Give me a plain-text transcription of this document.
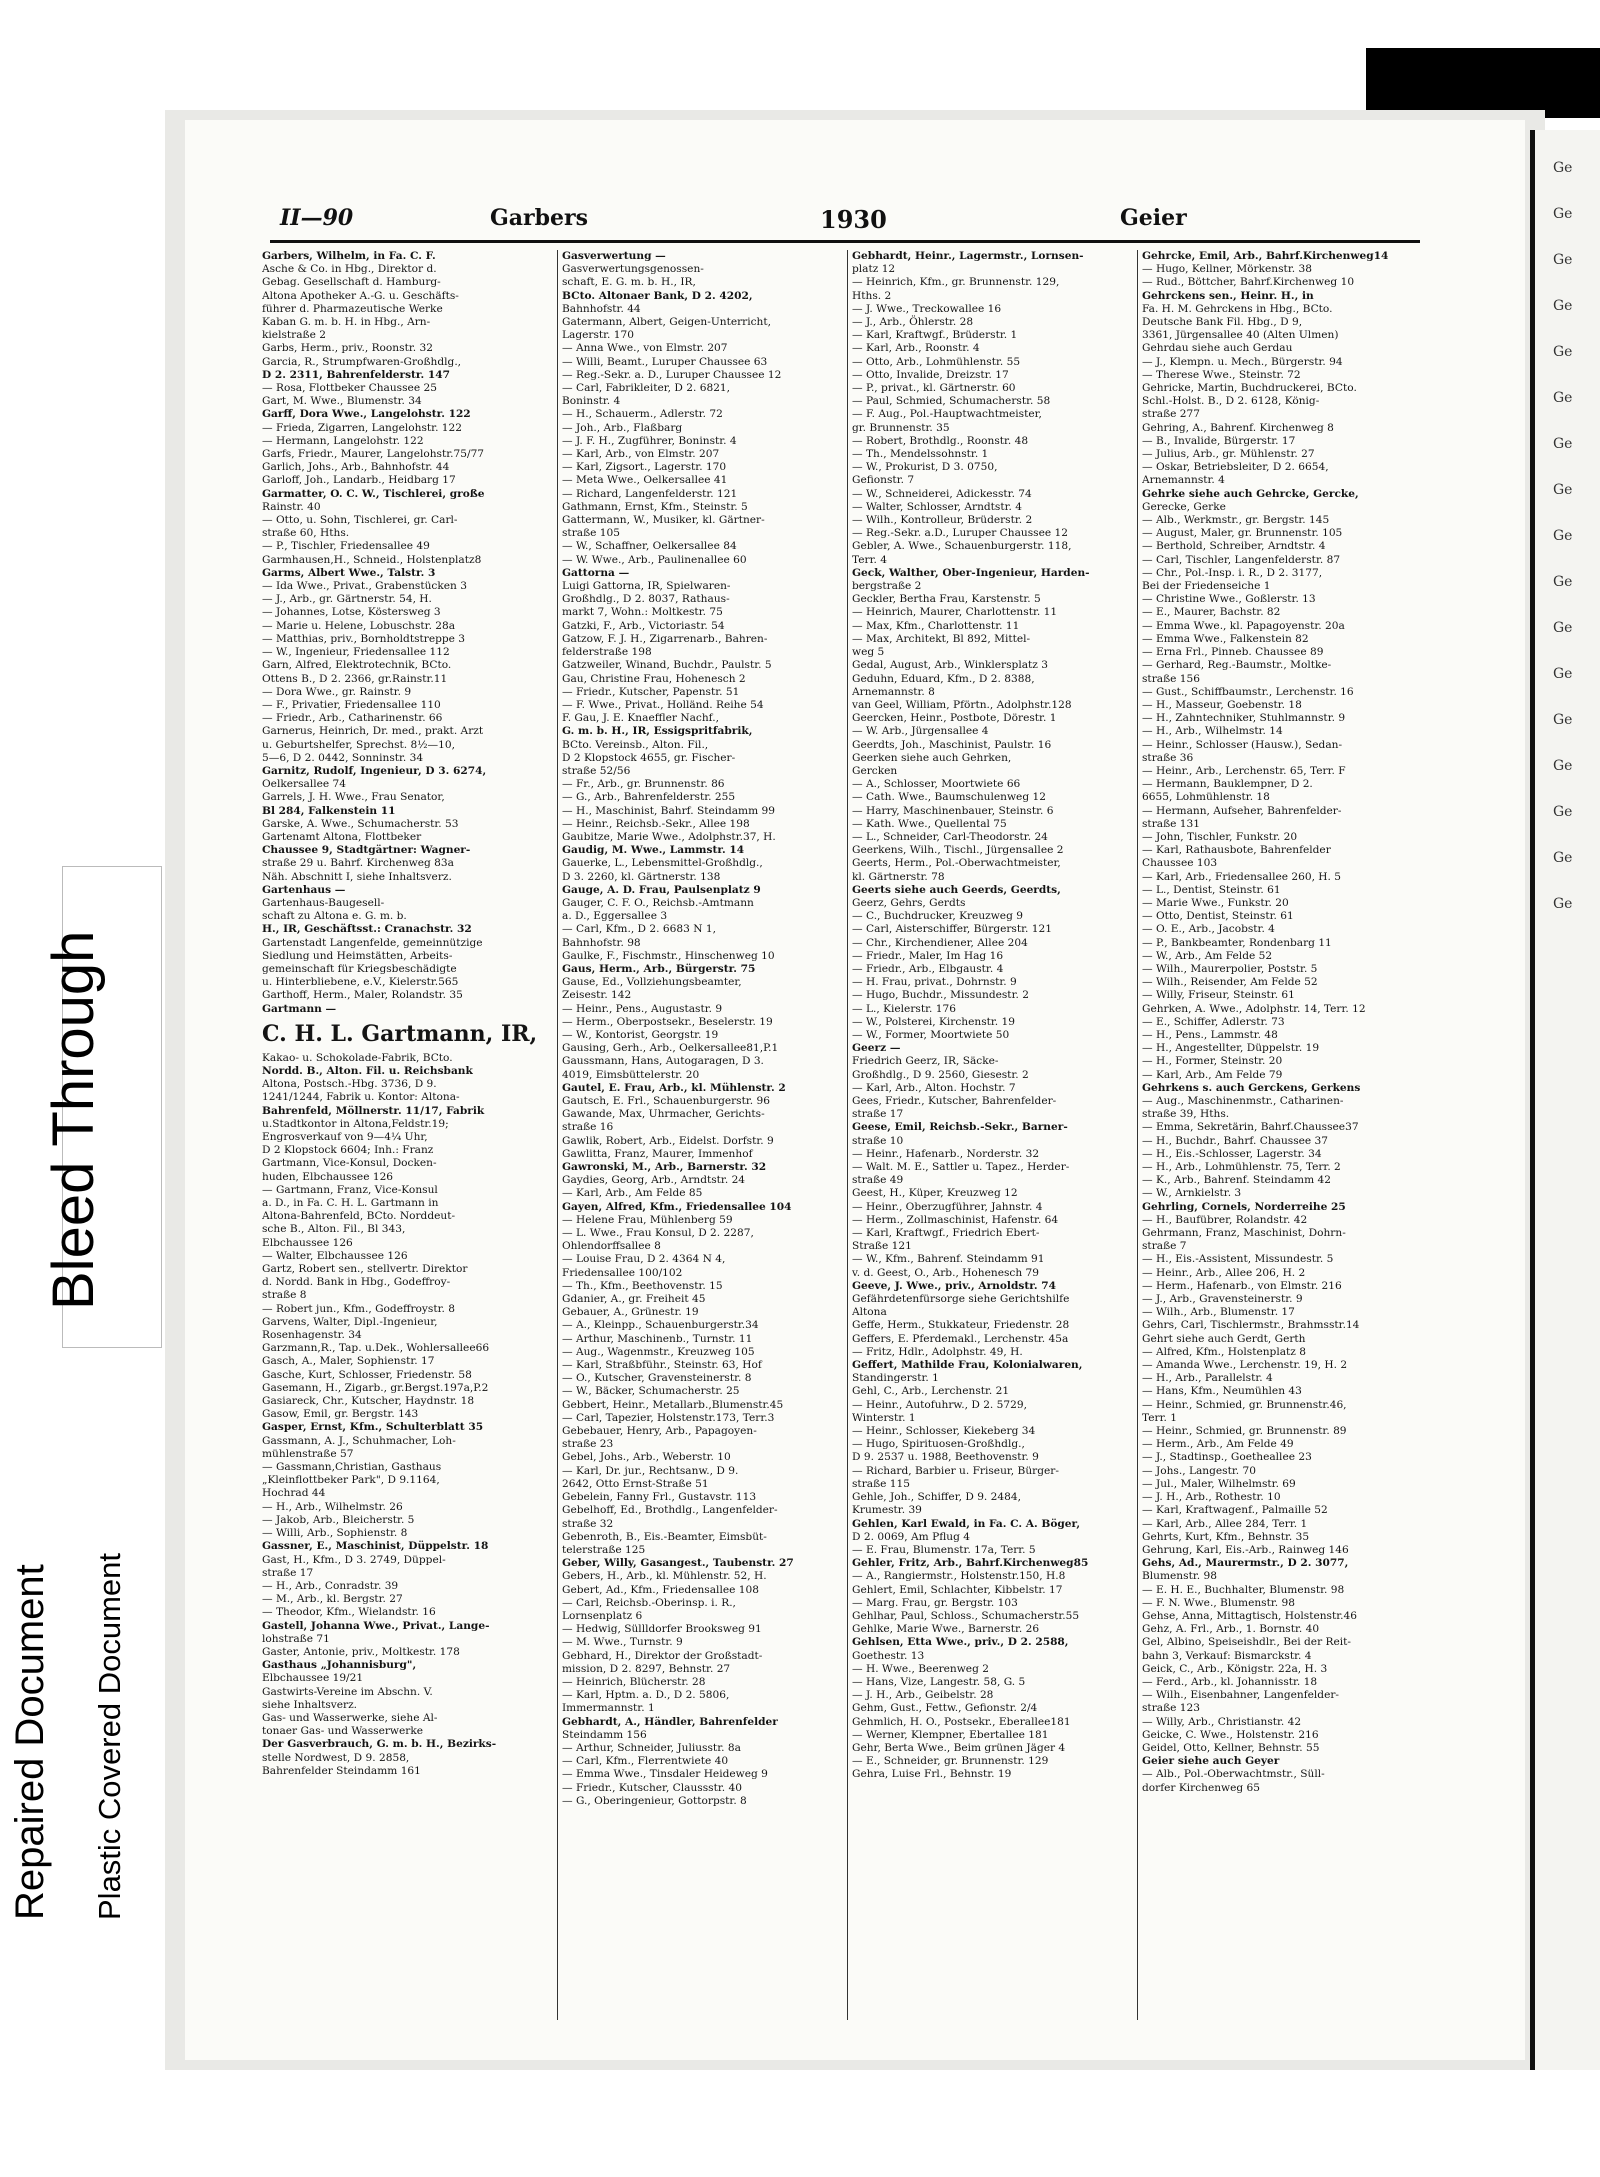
Ge
Ge
Ge
Ge
Ge
Ge
Ge
Ge
Ge
Ge
Ge
Ge
Ge
Ge
Ge
Ge
Ge
Repaired Document Plastic Covered Document
Bleed Through
II—90	Garbers	1930	Geier

Garbers, Wilhelm, in Fa. C. F.

Asche & Co. in Hbg., Direktor d.

Gebag. Gesellschaft d. Hamburg-

Altona Apotheker A.-G. u. Geschäfts-

führer d. Pharmazeutische Werke

Kaban G. m. b. H. in Hbg., Arn-

kielstraße 2

Garbs, Herm., priv., Roonstr. 32

Garcia, R., Strumpfwaren-Großhdlg.,

D 2. 2311, Bahrenfelderstr. 147

— Rosa, Flottbeker Chaussee 25

Gart, M. Wwe., Blumenstr. 34

Garff, Dora Wwe., Langelohstr. 122

— Frieda, Zigarren, Langelohstr. 122

— Hermann, Langelohstr. 122

Garfs, Friedr., Maurer, Langelohstr.75/77

Garlich, Johs., Arb., Bahnhofstr. 44

Garloff, Joh., Landarb., Heidbarg 17

Garmatter, O. C. W., Tischlerei, große

Rainstr. 40

— Otto, u. Sohn, Tischlerei, gr. Carl-

straße 60, Hths.

— P., Tischler, Friedensallee 49

Garmhausen,H., Schneid., Holstenplatz8

Garms, Albert Wwe., Talstr. 3

— Ida Wwe., Privat., Grabenstücken 3

— J., Arb., gr. Gärtnerstr. 54, H.

— Johannes, Lotse, Köstersweg 3

— Marie u. Helene, Lobuschstr. 28a

— Matthias, priv., Bornholdtstreppe 3

— W., Ingenieur, Friedensallee 112

Garn, Alfred, Elektrotechnik, BCto.

Ottens B., D 2. 2366, gr.Rainstr.11

— Dora Wwe., gr. Rainstr. 9

— F., Privatier, Friedensallee 110

— Friedr., Arb., Catharinenstr. 66

Garnerus, Heinrich, Dr. med., prakt. Arzt

u. Geburtshelfer, Sprechst. 8½—10,

5—6, D 2. 0442, Sonninstr. 34

Garnitz, Rudolf, Ingenieur, D 3. 6274,

Oelkersallee 74

Garrels, J. H. Wwe., Frau Senator,

Bl 284, Falkenstein 11

Garske, A. Wwe., Schumacherstr. 53

Gartenamt Altona, Flottbeker

Chaussee 9, Stadtgärtner: Wagner-

straße 29 u. Bahrf. Kirchenweg 83a

Näh. Abschnitt I, siehe Inhaltsverz.

Gartenhaus —

Gartenhaus-Baugesell-

schaft zu Altona e. G. m. b.

H., IR, Geschäftsst.: Cranachstr. 32

Gartenstadt Langenfelde, gemeinnützige

Siedlung und Heimstätten, Arbeits-

gemeinschaft für Kriegsbeschädigte

u. Hinterbliebene, e.V., Kielerstr.565

Garthoff, Herm., Maler, Rolandstr. 35

Gartmann —

C. H. L. Gartmann, IR,

Kakao- u. Schokolade-Fabrik, BCto.

Nordd. B., Alton. Fil. u. Reichsbank

Altona, Postsch.-Hbg. 3736, D 9.

1241/1244, Fabrik u. Kontor: Altona-

Bahrenfeld, Möllnerstr. 11/17, Fabrik

u.Stadtkontor in Altona,Feldstr.19;

Engrosverkauf von 9—4¼ Uhr,

D 2 Klopstock 6604; Inh.: Franz

Gartmann, Vice-Konsul, Docken-

huden, Elbchaussee 126

— Gartmann, Franz, Vice-Konsul

a. D., in Fa. C. H. L. Gartmann in

Altona-Bahrenfeld, BCto. Norddeut-

sche B., Alton. Fil., Bl 343,

Elbchaussee 126

— Walter, Elbchaussee 126

Gartz, Robert sen., stellvertr. Direktor

d. Nordd. Bank in Hbg., Godeffroy-

straße 8

— Robert jun., Kfm., Godeffroystr. 8

Garvens, Walter, Dipl.-Ingenieur,

Rosenhagenstr. 34

Garzmann,R., Tap. u.Dek., Wohlersallee66

Gasch, A., Maler, Sophienstr. 17

Gasche, Kurt, Schlosser, Friedenstr. 58

Gasemann, H., Zigarb., gr.Bergst.197a,P.2

Gasiareck, Chr., Kutscher, Haydnstr. 18

Gasow, Emil, gr. Bergstr. 143

Gasper, Ernst, Kfm., Schulterblatt 35

Gassmann, A. J., Schuhmacher, Loh-

mühlenstraße 57

— Gassmann,Christian, Gasthaus

„Kleinflottbeker Park", D 9.1164,

Hochrad 44

— H., Arb., Wilhelmstr. 26

— Jakob, Arb., Bleicherstr. 5

— Willi, Arb., Sophienstr. 8

Gassner, E., Maschinist, Düppelstr. 18

Gast, H., Kfm., D 3. 2749, Düppel-

straße 17

— H., Arb., Conradstr. 39

— M., Arb., kl. Bergstr. 27

— Theodor, Kfm., Wielandstr. 16

Gastell, Johanna Wwe., Privat., Lange-

lohstraße 71

Gaster, Antonie, priv., Moltkestr. 178

Gasthaus „Johannisburg",

Elbchaussee 19/21

Gastwirts-Vereine im Abschn. V.

siehe Inhaltsverz.

Gas- und Wasserwerke, siehe Al-

tonaer Gas- und Wasserwerke

Der Gasverbrauch, G. m. b. H., Bezirks-

stelle Nordwest, D 9. 2858,

Bahrenfelder Steindamm 161

Gasverwertung —

Gasverwertungsgenossen-

schaft, E. G. m. b. H., IR,

BCto. Altonaer Bank, D 2. 4202,

Bahnhofstr. 44

Gatermann, Albert, Geigen-Unterricht,

Lagerstr. 170

— Anna Wwe., von Elmstr. 207

— Willi, Beamt., Luruper Chaussee 63

— Reg.-Sekr. a. D., Luruper Chaussee 12

— Carl, Fabrikleiter, D 2. 6821,

Boninstr. 4

— H., Schauerm., Adlerstr. 72

— Joh., Arb., Flaßbarg

— J. F. H., Zugführer, Boninstr. 4

— Karl, Arb., von Elmstr. 207

— Karl, Zigsort., Lagerstr. 170

— Meta Wwe., Oelkersallee 41

— Richard, Langenfelderstr. 121

Gathmann, Ernst, Kfm., Steinstr. 5

Gattermann, W., Musiker, kl. Gärtner-

straße 105

— W., Schaffner, Oelkersallee 84

— W. Wwe., Arb., Paulinenallee 60

Gattorna —

Luigi Gattorna, IR, Spielwaren-

Großhdlg., D 2. 8037, Rathaus-

markt 7, Wohn.: Moltkestr. 75

Gatzki, F., Arb., Victoriastr. 54

Gatzow, F. J. H., Zigarrenarb., Bahren-

felderstraße 198

Gatzweiler, Winand, Buchdr., Paulstr. 5

Gau, Christine Frau, Hohenesch 2

— Friedr., Kutscher, Papenstr. 51

— F. Wwe., Privat., Holländ. Reihe 54

F. Gau, J. E. Knaeffler Nachf.,

G. m. b. H., IR, Essigspritfabrik,

BCto. Vereinsb., Alton. Fil.,

D 2 Klopstock 4655, gr. Fischer-

straße 52/56

— Fr., Arb., gr. Brunnenstr. 86

— G., Arb., Bahrenfelderstr. 255

— H., Maschinist, Bahrf. Steindamm 99

— Heinr., Reichsb.-Sekr., Allee 198

Gaubitze, Marie Wwe., Adolphstr.37, H.

Gaudig, M. Wwe., Lammstr. 14

Gauerke, L., Lebensmittel-Großhdlg.,

D 3. 2260, kl. Gärtnerstr. 138

Gauge, A. D. Frau, Paulsenplatz 9

Gauger, C. F. O., Reichsb.-Amtmann

a. D., Eggersallee 3

— Carl, Kfm., D 2. 6683 N 1,

Bahnhofstr. 98

Gaulke, F., Fischmstr., Hinschenweg 10

Gaus, Herm., Arb., Bürgerstr. 75

Gause, Ed., Vollziehungsbeamter,

Zeisestr. 142

— Heinr., Pens., Augustastr. 9

— Herm., Oberpostsekr., Beselerstr. 19

— W., Kontorist, Georgstr. 19

Gausing, Gerh., Arb., Oelkersallee81,P.1

Gaussmann, Hans, Autogaragen, D 3.

4019, Eimsbüttelerstr. 20

Gautel, E. Frau, Arb., kl. Mühlenstr. 2

Gautsch, E. Frl., Schauenburgerstr. 96

Gawande, Max, Uhrmacher, Gerichts-

straße 16

Gawlik, Robert, Arb., Eidelst. Dorfstr. 9

Gawlitta, Franz, Maurer, Immenhof

Gawronski, M., Arb., Barnerstr. 32

Gaydies, Georg, Arb., Arndtstr. 24

— Karl, Arb., Am Felde 85

Gayen, Alfred, Kfm., Friedensallee 104

— Helene Frau, Mühlenberg 59

— L. Wwe., Frau Konsul, D 2. 2287,

Ohlendorffsallee 8

— Louise Frau, D 2. 4364 N 4,

Friedensallee 100/102

— Th., Kfm., Beethovenstr. 15

Gdanier, A., gr. Freiheit 45

Gebauer, A., Grünestr. 19

— A., Kleinpp., Schauenburgerstr.34

— Arthur, Maschinenb., Turnstr. 11

— Aug., Wagenmstr., Kreuzweg 105

— Karl, Straßbführ., Steinstr. 63, Hof

— O., Kutscher, Gravensteinerstr. 8

— W., Bäcker, Schumacherstr. 25

Gebbert, Heinr., Metallarb.,Blumenstr.45

— Carl, Tapezier, Holstenstr.173, Terr.3

Gebebauer, Henry, Arb., Papagoyen-

straße 23

Gebel, Johs., Arb., Weberstr. 10

— Karl, Dr. jur., Rechtsanw., D 9.

2642, Otto Ernst-Straße 51

Gebelein, Fanny Frl., Gustavstr. 113

Gebelhoff, Ed., Brothdlg., Langenfelder-

straße 32

Gebenroth, B., Eis.-Beamter, Eimsbüt-

telerstraße 125

Geber, Willy, Gasangest., Taubenstr. 27

Gebers, H., Arb., kl. Mühlenstr. 52, H.

Gebert, Ad., Kfm., Friedensallee 108

— Carl, Reichsb.-Oberinsp. i. R.,

Lornsenplatz 6

— Hedwig, Süllldorfer Brooksweg 91

— M. Wwe., Turnstr. 9

Gebhard, H., Direktor der Großstadt-

mission, D 2. 8297, Behnstr. 27

— Heinrich, Blücherstr. 28

— Karl, Hptm. a. D., D 2. 5806,

Immermannstr. 1

Gebhardt, A., Händler, Bahrenfelder

Steindamm 156

— Arthur, Schneider, Juliusstr. 8a

— Carl, Kfm., Flerrentwiete 40

— Emma Wwe., Tinsdaler Heideweg 9

— Friedr., Kutscher, Claussstr. 40

— G., Oberingenieur, Gottorpstr. 8

Gebhardt, Heinr., Lagermstr., Lornsen-

platz 12

— Heinrich, Kfm., gr. Brunnenstr. 129,

Hths. 2

— J. Wwe., Treckowallee 16

— J., Arb., Öhlerstr. 28

— Karl, Kraftwgf., Brüderstr. 1

— Karl, Arb., Roonstr. 4

— Otto, Arb., Lohmühlenstr. 55

— Otto, Invalide, Dreizstr. 17

— P., privat., kl. Gärtnerstr. 60

— Paul, Schmied, Schumacherstr. 58

— F. Aug., Pol.-Hauptwachtmeister,

gr. Brunnenstr. 35

— Robert, Brothdlg., Roonstr. 48

— Th., Mendelssohnstr. 1

— W., Prokurist, D 3. 0750,

Gefionstr. 7

— W., Schneiderei, Adickesstr. 74

— Walter, Schlosser, Arndtstr. 4

— Wilh., Kontrolleur, Brüderstr. 2

— Reg.-Sekr. a.D., Luruper Chaussee 12

Gebler, A. Wwe., Schauenburgerstr. 118,

Terr. 4

Geck, Walther, Ober-Ingenieur, Harden-

bergstraße 2

Geckler, Bertha Frau, Karstenstr. 5

— Heinrich, Maurer, Charlottenstr. 11

— Max, Kfm., Charlottenstr. 11

— Max, Architekt, Bl 892, Mittel-

weg 5

Gedal, August, Arb., Winklersplatz 3

Geduhn, Eduard, Kfm., D 2. 8388,

Arnemannstr. 8

van Geel, William, Pförtn., Adolphstr.128

Geercken, Heinr., Postbote, Dörestr. 1

— W. Arb., Jürgensallee 4

Geerdts, Joh., Maschinist, Paulstr. 16

Geerken siehe auch Gehrken,

Gercken

— A., Schlosser, Moortwiete 66

— Cath. Wwe., Baumschulenweg 12

— Harry, Maschinenbauer, Steinstr. 6

— Kath. Wwe., Quellental 75

— L., Schneider, Carl-Theodorstr. 24

Geerkens, Wilh., Tischl., Jürgensallee 2

Geerts, Herm., Pol.-Oberwachtmeister,

kl. Gärtnerstr. 78

Geerts siehe auch Geerds, Geerdts,

Geerz, Gehrs, Gerdts

— C., Buchdrucker, Kreuzweg 9

— Carl, Aisterschiffer, Bürgerstr. 121

— Chr., Kirchendiener, Allee 204

— Friedr., Maler, Im Hag 16

— Friedr., Arb., Elbgaustr. 4

— H. Frau, privat., Dohrnstr. 9

— Hugo, Buchdr., Missundestr. 2

— L., Kielerstr. 176

— W., Polsterei, Kirchenstr. 19

— W., Former, Moortwiete 50

Geerz —

Friedrich Geerz, IR, Säcke-

Großhdlg., D 9. 2560, Giesestr. 2

— Karl, Arb., Alton. Hochstr. 7

Gees, Friedr., Kutscher, Bahrenfelder-

straße 17

Geese, Emil, Reichsb.-Sekr., Barner-

straße 10

— Heinr., Hafenarb., Norderstr. 32

— Walt. M. E., Sattler u. Tapez., Herder-

straße 49

Geest, H., Küper, Kreuzweg 12

— Heinr., Oberzugführer, Jahnstr. 4

— Herm., Zollmaschinist, Hafenstr. 64

— Karl, Kraftwgf., Friedrich Ebert-

Straße 121

— W., Kfm., Bahrenf. Steindamm 91

v. d. Geest, O., Arb., Hohenesch 79

Geeve, J. Wwe., priv., Arnoldstr. 74

Gefährdetenfürsorge siehe Gerichtshilfe

Altona

Geffe, Herm., Stukkateur, Friedenstr. 28

Geffers, E. Pferdemakl., Lerchenstr. 45a

— Fritz, Hdlr., Adolphstr. 49, H.

Geffert, Mathilde Frau, Kolonialwaren,

Standingerstr. 1

Gehl, C., Arb., Lerchenstr. 21

— Heinr., Autofuhrw., D 2. 5729,

Winterstr. 1

— Heinr., Schlosser, Kiekeberg 34

— Hugo, Spirituosen-Großhdlg.,

D 9. 2537 u. 1988, Beethovenstr. 9

— Richard, Barbier u. Friseur, Bürger-

straße 115

Gehle, Joh., Schiffer, D 9. 2484,

Krumestr. 39

Gehlen, Karl Ewald, in Fa. C. A. Böger,

D 2. 0069, Am Pflug 4

— E. Frau, Blumenstr. 17a, Terr. 5

Gehler, Fritz, Arb., Bahrf.Kirchenweg85

— A., Rangiermstr., Holstenstr.150, H.8

Gehlert, Emil, Schlachter, Kibbelstr. 17

— Marg. Frau, gr. Bergstr. 103

Gehlhar, Paul, Schloss., Schumacherstr.55

Gehlke, Marie Wwe., Barnerstr. 26

Gehlsen, Etta Wwe., priv., D 2. 2588,

Goethestr. 13

— H. Wwe., Beerenweg 2

— Hans, Vize, Langestr. 58, G. 5

— J. H., Arb., Geibelstr. 28

Gehm, Gust., Fettw., Gefionstr. 2/4

Gehmlich, H. O., Postsekr., Eberallee181

— Werner, Klempner, Ebertallee 181

Gehr, Berta Wwe., Beim grünen Jäger 4

— E., Schneider, gr. Brunnenstr. 129

Gehra, Luise Frl., Behnstr. 19

Gehrcke, Emil, Arb., Bahrf.Kirchenweg14

— Hugo, Kellner, Mörkenstr. 38

— Rud., Böttcher, Bahrf.Kirchenweg 10

Gehrckens sen., Heinr. H., in

Fa. H. M. Gehrckens in Hbg., BCto.

Deutsche Bank Fil. Hbg., D 9,

3361, Jürgensallee 40 (Alten Ulmen)

Gehrdau siehe auch Gerdau

— J., Klempn. u. Mech., Bürgerstr. 94

— Therese Wwe., Steinstr. 72

Gehricke, Martin, Buchdruckerei, BCto.

Schl.-Holst. B., D 2. 6128, König-

straße 277

Gehring, A., Bahrenf. Kirchenweg 8

— B., Invalide, Bürgerstr. 17

— Julius, Arb., gr. Mühlenstr. 27

— Oskar, Betriebsleiter, D 2. 6654,

Arnemannstr. 4

Gehrke siehe auch Gehrcke, Gercke,

Gerecke, Gerke

— Alb., Werkmstr., gr. Bergstr. 145

— August, Maler, gr. Brunnenstr. 105

— Berthold, Schreiber, Arndtstr. 4

— Carl, Tischler, Langenfelderstr. 87

— Chr., Pol.-Insp. i. R., D 2. 3177,

Bei der Friedenseiche 1

— Christine Wwe., Goßlerstr. 13

— E., Maurer, Bachstr. 82

— Emma Wwe., kl. Papagoyenstr. 20a

— Emma Wwe., Falkenstein 82

— Erna Frl., Pinneb. Chaussee 89

— Gerhard, Reg.-Baumstr., Moltke-

straße 156

— Gust., Schiffbaumstr., Lerchenstr. 16

— H., Masseur, Goebenstr. 18

— H., Zahntechniker, Stuhlmannstr. 9

— H., Arb., Wilhelmstr. 14

— Heinr., Schlosser (Hausw.), Sedan-

straße 36

— Heinr., Arb., Lerchenstr. 65, Terr. F

— Hermann, Bauklempner, D 2.

6655, Lohmühlenstr. 18

— Hermann, Aufseher, Bahrenfelder-

straße 131

— John, Tischler, Funkstr. 20

— Karl, Rathausbote, Bahrenfelder

Chaussee 103

— Karl, Arb., Friedensallee 260, H. 5

— L., Dentist, Steinstr. 61

— Marie Wwe., Funkstr. 20

— Otto, Dentist, Steinstr. 61

— O. E., Arb., Jacobstr. 4

— P., Bankbeamter, Rondenbarg 11

— W., Arb., Am Felde 52

— Wilh., Maurerpolier, Poststr. 5

— Wilh., Reisender, Am Felde 52

— Willy, Friseur, Steinstr. 61

Gehrken, A. Wwe., Adolphstr. 14, Terr. 12

— E., Schiffer, Adlerstr. 73

— H., Pens., Lammstr. 48

— H., Angestellter, Düppelstr. 19

— H., Former, Steinstr. 20

— Karl, Arb., Am Felde 79

Gehrkens s. auch Gerckens, Gerkens

— Aug., Maschinenmstr., Catharinen-

straße 39, Hths.

— Emma, Sekretärin, Bahrf.Chaussee37

— H., Buchdr., Bahrf. Chaussee 37

— H., Eis.-Schlosser, Lagerstr. 34

— H., Arb., Lohmühlenstr. 75, Terr. 2

— K., Arb., Bahrenf. Steindamm 42

— W., Arnkielstr. 3

Gehrling, Cornels, Norderreihe 25

— H., Baufübrer, Rolandstr. 42

Gehrmann, Franz, Maschinist, Dohrn-

straße 7

— H., Eis.-Assistent, Missundestr. 5

— Heinr., Arb., Allee 206, H. 2

— Herm., Hafenarb., von Elmstr. 216

— J., Arb., Gravensteinerstr. 9

— Wilh., Arb., Blumenstr. 17

Gehrs, Carl, Tischlermstr., Brahmsstr.14

Gehrt siehe auch Gerdt, Gerth

— Alfred, Kfm., Holstenplatz 8

— Amanda Wwe., Lerchenstr. 19, H. 2

— H., Arb., Parallelstr. 4

— Hans, Kfm., Neumühlen 43

— Heinr., Schmied, gr. Brunnenstr.46,

Terr. 1

— Heinr., Schmied, gr. Brunnenstr. 89

— Herm., Arb., Am Felde 49

— J., Stadtinsp., Goetheallee 23

— Johs., Langestr. 70

— Jul., Maler, Wilhelmstr. 69

— J. H., Arb., Rothestr. 10

— Karl, Kraftwagenf., Palmaille 52

— Karl, Arb., Allee 284, Terr. 1

Gehrts, Kurt, Kfm., Behnstr. 35

Gehrung, Karl, Eis.-Arb., Rainweg 146

Gehs, Ad., Maurermstr., D 2. 3077,

Blumenstr. 98

— E. H. E., Buchhalter, Blumenstr. 98

— F. N. Wwe., Blumenstr. 98

Gehse, Anna, Mittagtisch, Holstenstr.46

Gehz, A. Frl., Arb., 1. Bornstr. 40

Gel, Albino, Speiseishdlr., Bei der Reit-

bahn 3, Verkauf: Bismarckstr. 4

Geick, C., Arb., Königstr. 22a, H. 3

— Ferd., Arb., kl. Johannisstr. 18

— Wilh., Eisenbahner, Langenfelder-

straße 123

— Willy, Arb., Christianstr. 42

Geicke, C. Wwe., Holstenstr. 216

Geidel, Otto, Kellner, Behnstr. 55

Geier siehe auch Geyer

— Alb., Pol.-Oberwachtmstr., Süll-

dorfer Kirchenweg 65
